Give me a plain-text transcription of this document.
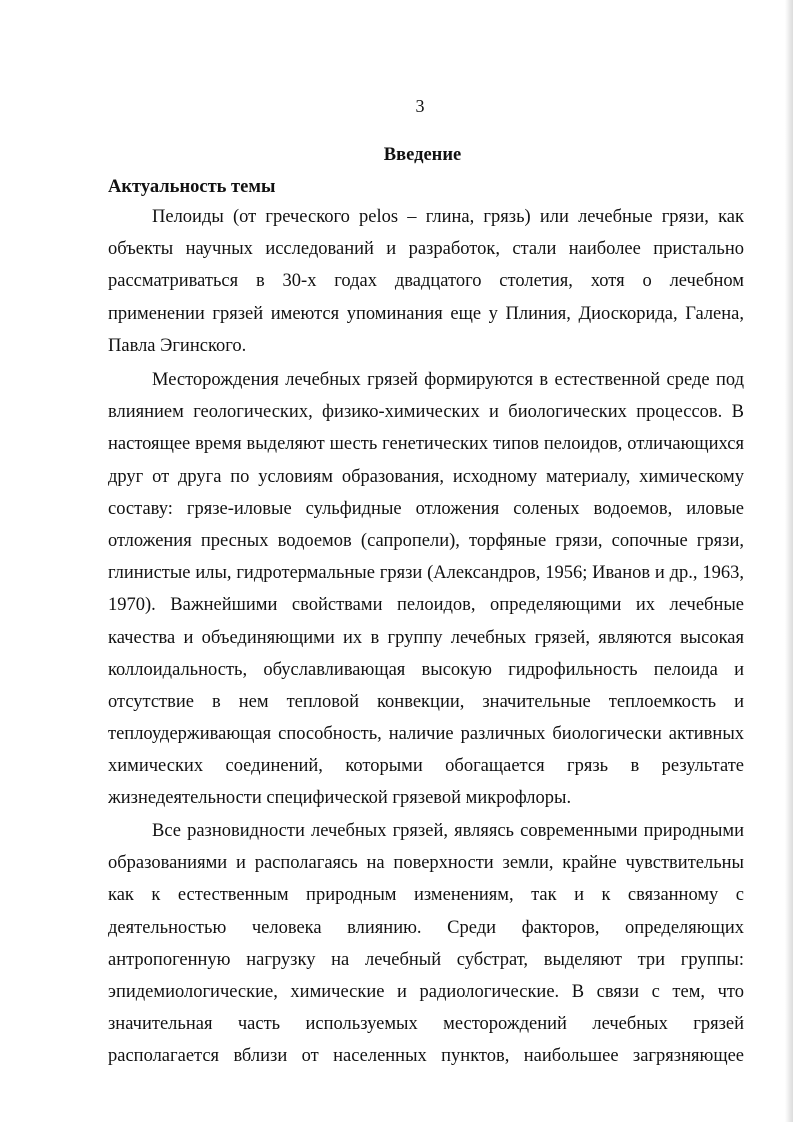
3
Введение
Актуальность темы
Пелоиды (от греческого pelos – глина, грязь) или лечебные грязи, как
объекты научных исследований и разработок, стали наиболее пристально
рассматриваться в 30-х годах двадцатого столетия, хотя о лечебном
применении грязей имеются упоминания еще у Плиния, Диоскорида, Галена,
Павла Эгинского.
Месторождения лечебных грязей формируются в естественной среде под
влиянием геологических, физико-химических и биологических процессов. В
настоящее время выделяют шесть генетических типов пелоидов, отличающихся
друг от друга по условиям образования, исходному материалу, химическому
составу: грязе-иловые сульфидные отложения соленых водоемов, иловые
отложения пресных водоемов (сапропели), торфяные грязи, сопочные грязи,
глинистые илы, гидротермальные грязи (Александров, 1956; Иванов и др., 1963,
1970). Важнейшими свойствами пелоидов, определяющими их лечебные
качества и объединяющими их в группу лечебных грязей, являются высокая
коллоидальность, обуславливающая высокую гидрофильность пелоида и
отсутствие в нем тепловой конвекции, значительные теплоемкость и
теплоудерживающая способность, наличие различных биологически активных
химических соединений, которыми обогащается грязь в результате
жизнедеятельности специфической грязевой микрофлоры.
Все разновидности лечебных грязей, являясь современными природными
образованиями и располагаясь на поверхности земли, крайне чувствительны
как к естественным природным изменениям, так и к связанному с
деятельностью человека влиянию. Среди факторов, определяющих
антропогенную нагрузку на лечебный субстрат, выделяют три группы:
эпидемиологические, химические и радиологические. В связи с тем, что
значительная часть используемых месторождений лечебных грязей
располагается вблизи от населенных пунктов, наибольшее загрязняющее
